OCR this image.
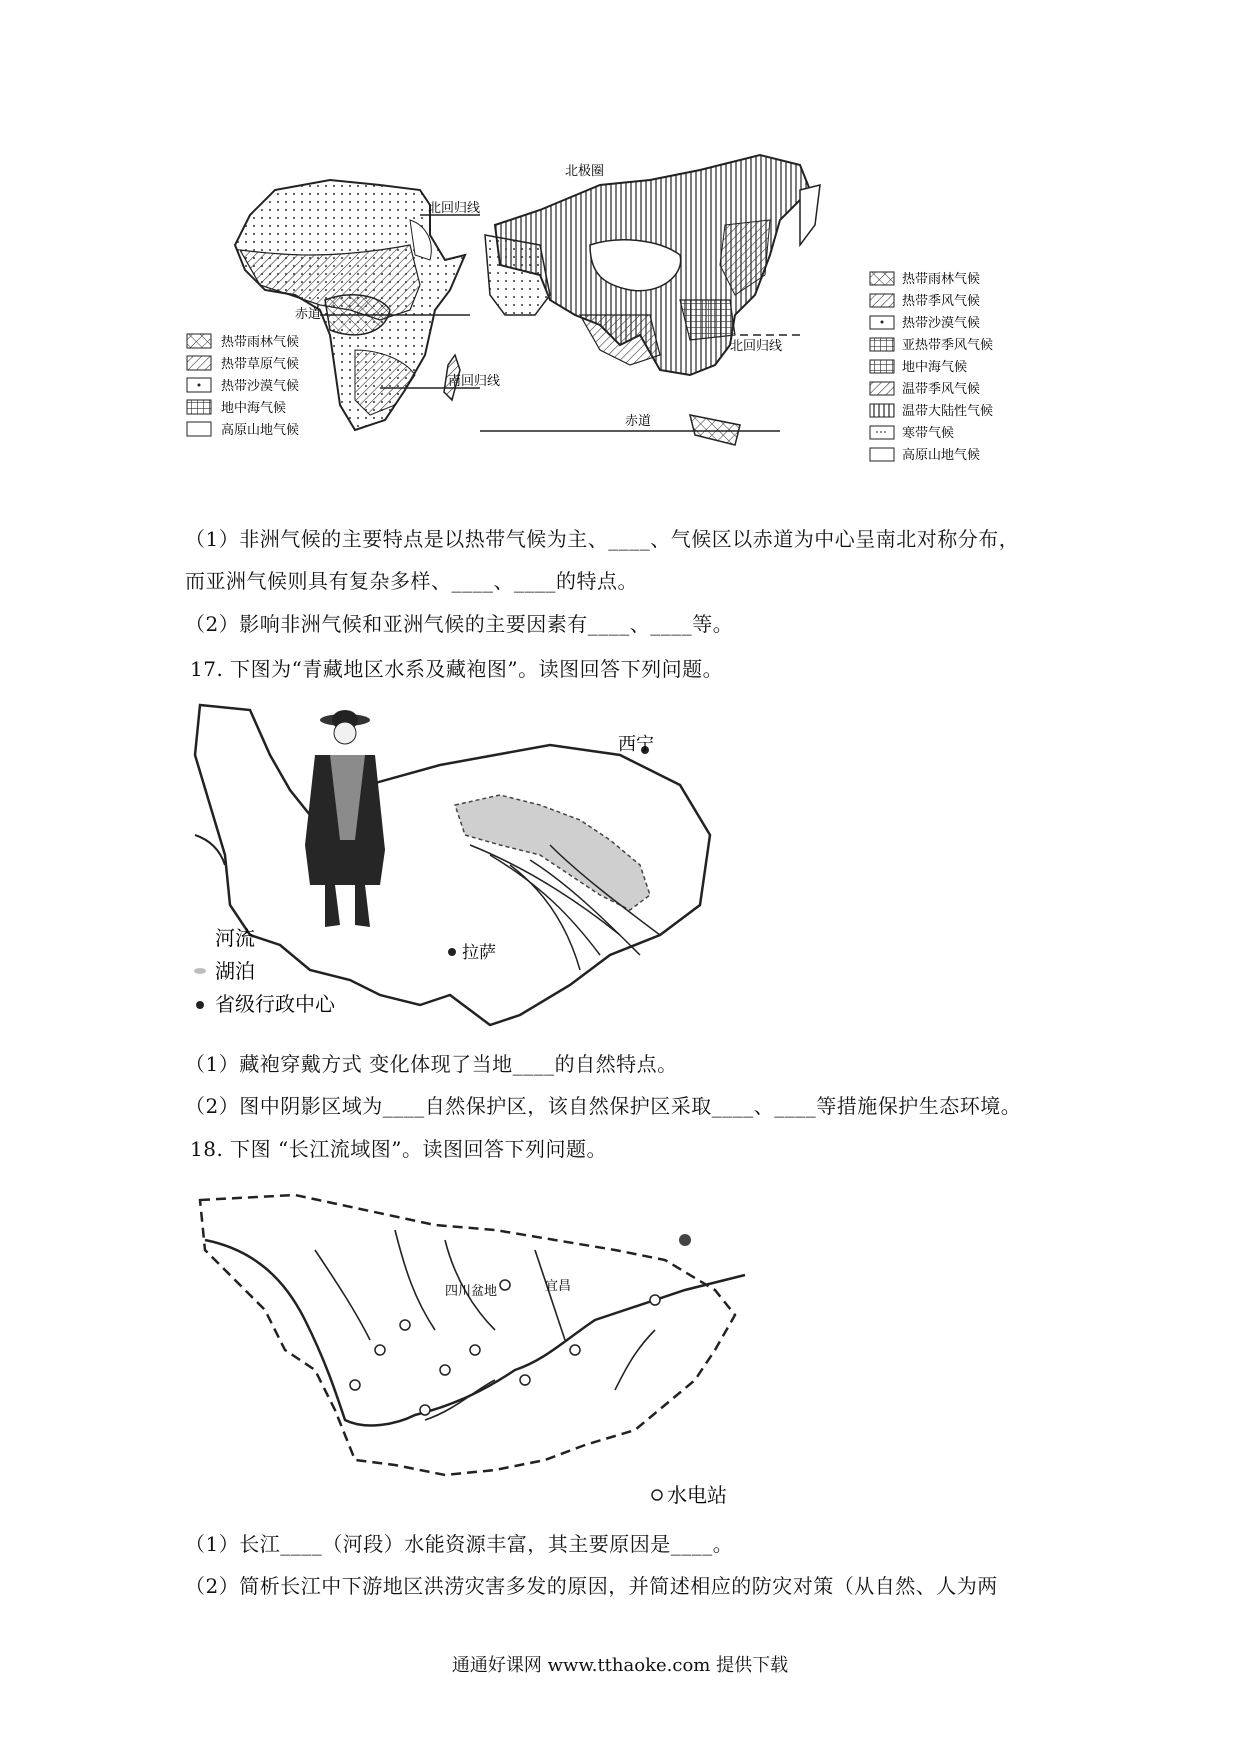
北回归线
赤道
南回归线
热带雨林气候
热带草原气候
热带沙漠气候
地中海气候
高原山地气候
北极圈
赤道
北回归线
热带雨林气候
热带季风气候
热带沙漠气候
亚热带季风气候
地中海气候
温带季风气候
温带大陆性气候
寒带气候
高原山地气候
（1）非洲气候的主要特点是以热带气候为主、____、气候区以赤道为中心呈南北对称分布，
而亚洲气候则具有复杂多样、____、____的特点。
（2）影响非洲气候和亚洲气候的主要因素有____、____等。
17. 下图为“青藏地区水系及藏袍图”。读图回答下列问题。
西宁
拉萨
河流
湖泊
省级行政中心
（1）藏袍穿戴方式 变化体现了当地____的自然特点。
（2）图中阴影区域为____自然保护区，该自然保护区采取____、____等措施保护生态环境。
18. 下图 “长江流域图”。读图回答下列问题。
四川盆地	宜昌
水电站
（1）长江____（河段）水能资源丰富，其主要原因是____。
（2）简析长江中下游地区洪涝灾害多发的原因，并简述相应的防灾对策（从自然、人为两
通通好课网 www.tthaoke.com 提供下载
